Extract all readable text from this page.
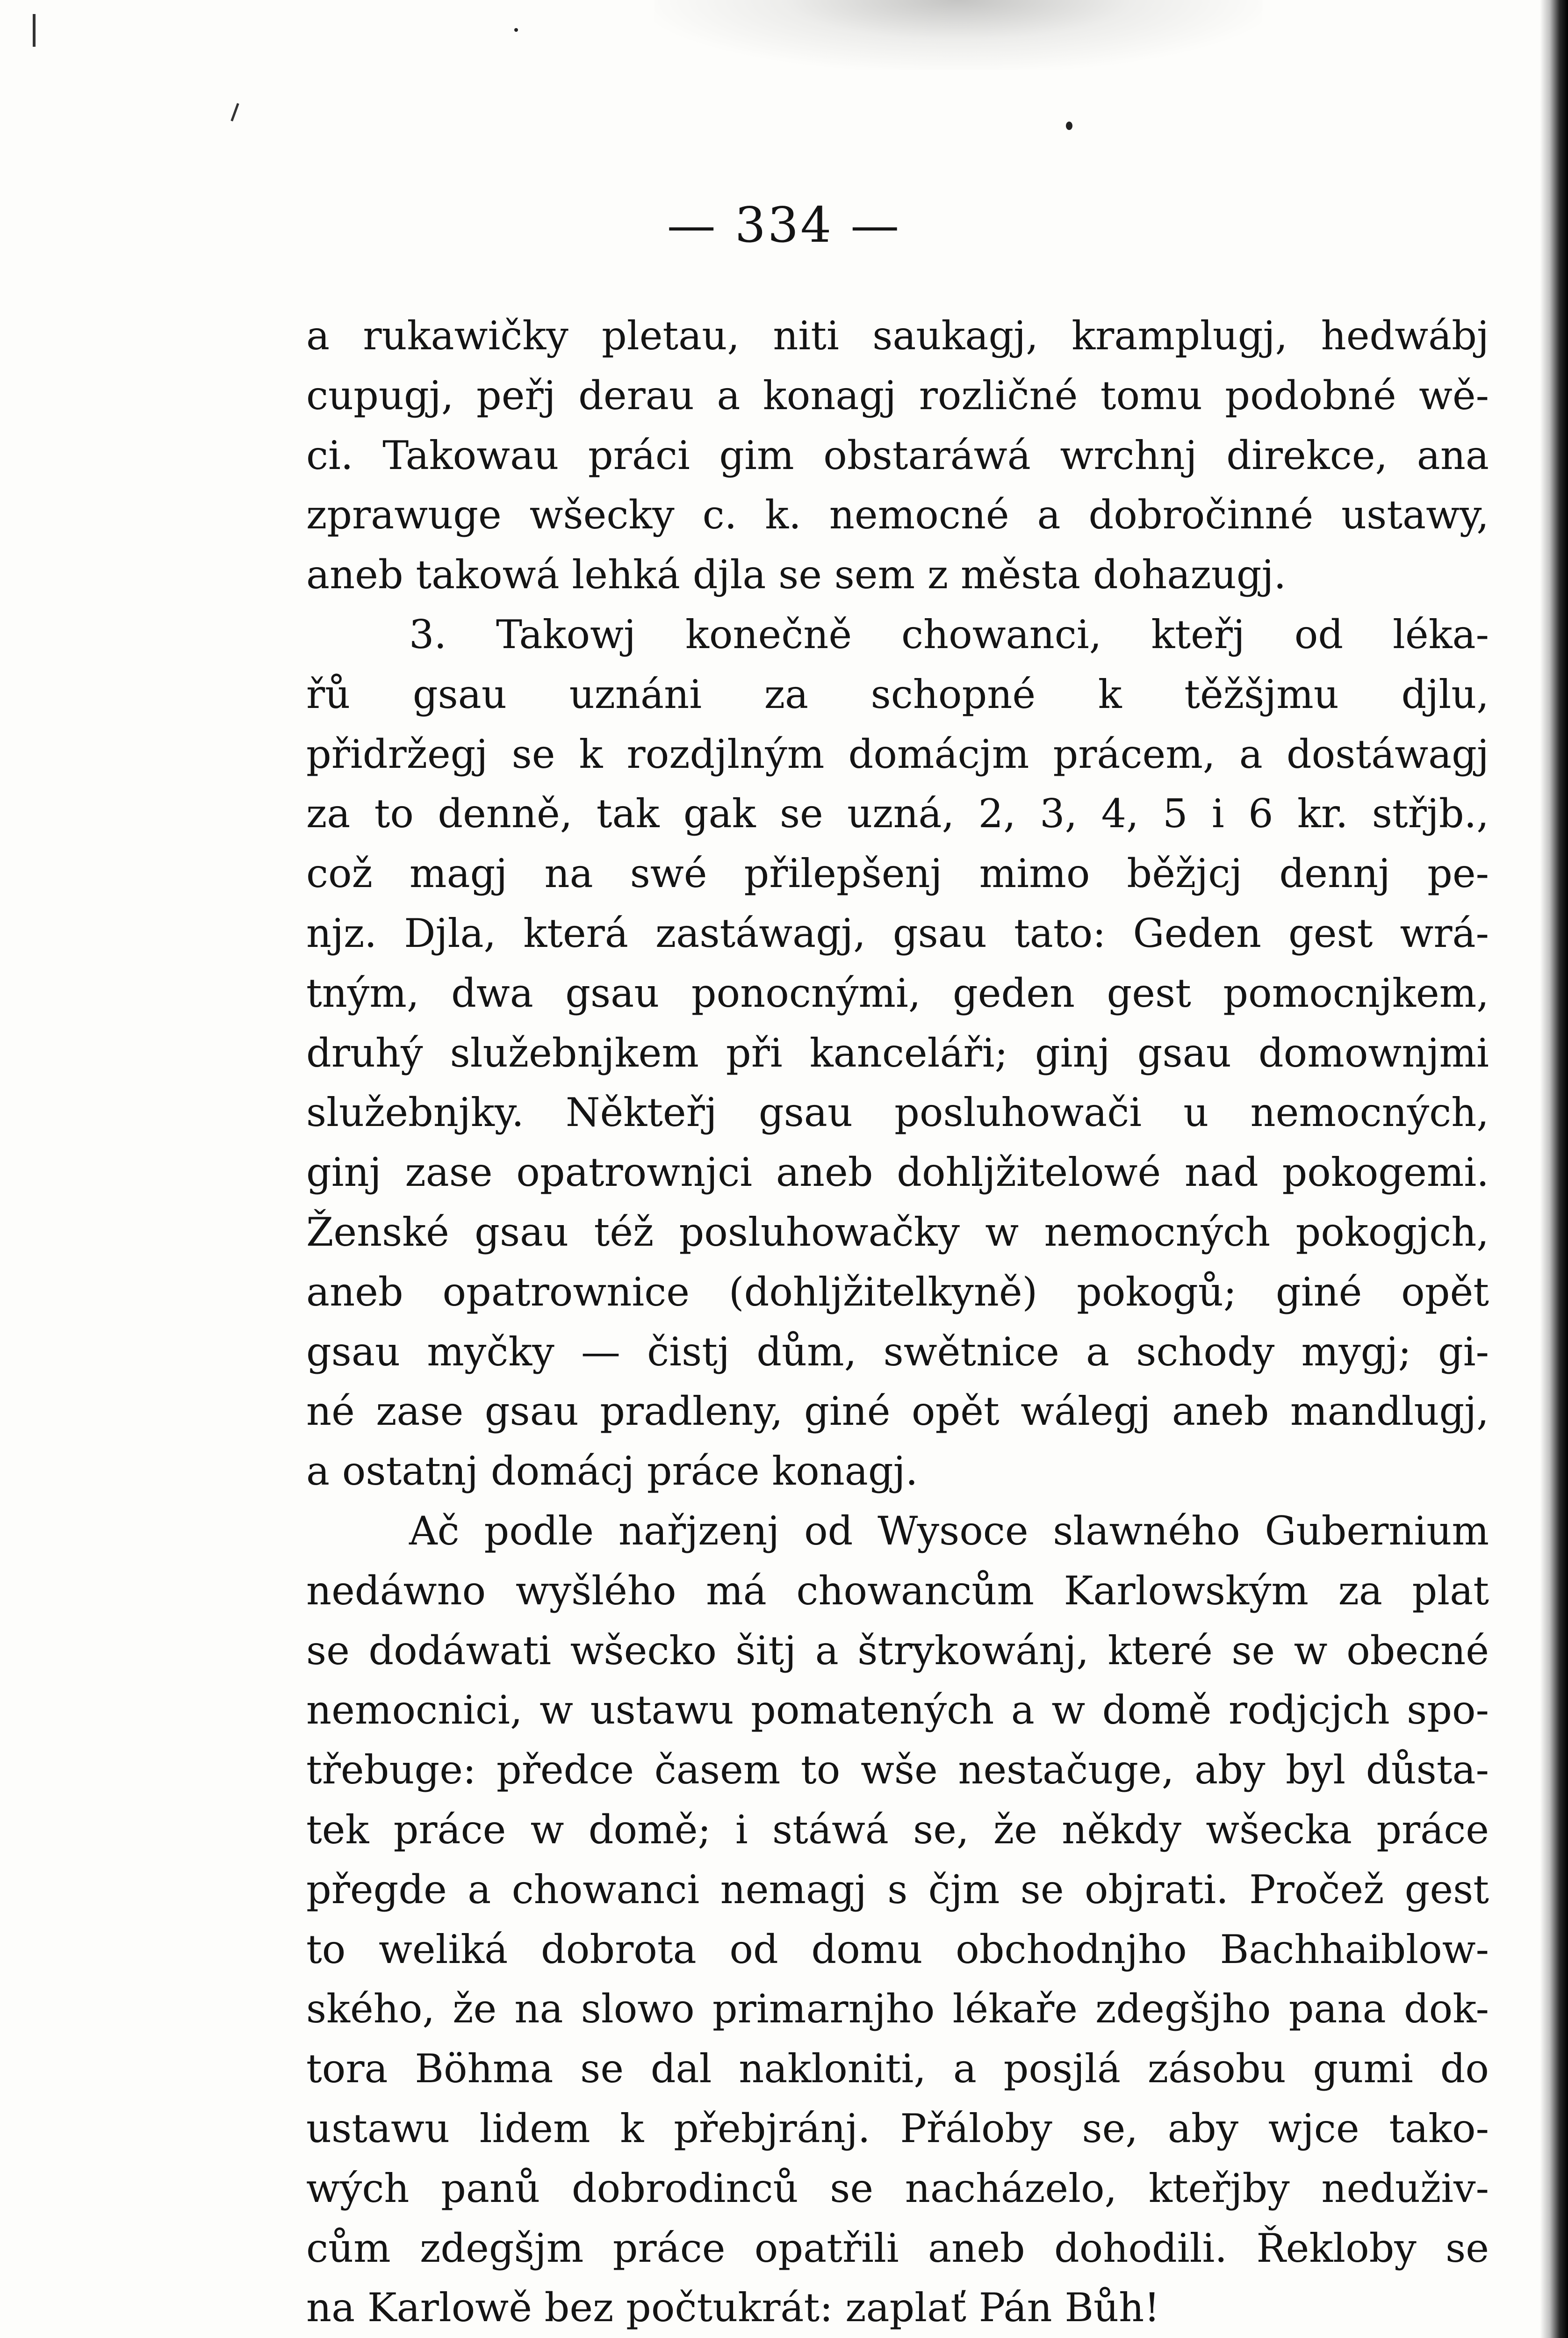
— 334 —
a rukawičky pletau, niti saukagj, kramplugj, hedwábj
cupugj, peřj derau a konagj rozličné tomu podobné wě-
ci. Takowau práci gim obstaráwá wrchnj direkce, ana
zprawuge wšecky c. k. nemocné a dobročinné ustawy,
aneb takowá lehká djla se sem z města dohazugj.
3. Takowj konečně chowanci, kteřj od léka-
řů gsau uznáni za schopné k těžšjmu djlu,
přidržegj se k rozdjlným domácjm prácem, a dostáwagj
za to denně, tak gak se uzná, 2, 3, 4, 5 i 6 kr. střjb.,
což magj na swé přilepšenj mimo běžjcj dennj pe-
njz. Djla, která zastáwagj, gsau tato: Geden gest wrá-
tným, dwa gsau ponocnými, geden gest pomocnjkem,
druhý služebnjkem při kanceláři; ginj gsau domownjmi
služebnjky. Někteřj gsau posluhowači u nemocných,
ginj zase opatrownjci aneb dohljžitelowé nad pokogemi.
Ženské gsau též posluhowačky w nemocných pokogjch,
aneb opatrownice (dohljžitelkyně) pokogů; giné opět
gsau myčky — čistj dům, swětnice a schody mygj; gi-
né zase gsau pradleny, giné opět wálegj aneb mandlugj,
a ostatnj domácj práce konagj.
Ač podle nařjzenj od Wysoce slawného Gubernium
nedáwno wyšlého má chowancům Karlowským za plat
se dodáwati wšecko šitj a štrykowánj, které se w obecné
nemocnici, w ustawu pomatených a w domě rodjcjch spo-
třebuge: předce časem to wše nestačuge, aby byl důsta-
tek práce w domě; i stáwá se, že někdy wšecka práce
přegde a chowanci nemagj s čjm se objrati. Pročež gest
to weliká dobrota od domu obchodnjho Bachhaiblow-
ského, že na slowo primarnjho lékaře zdegšjho pana dok-
tora Böhma se dal nakloniti, a posjlá zásobu gumi do
ustawu lidem k přebjránj. Přáloby se, aby wjce tako-
wých panů dobrodinců se nacházelo, kteřjby neduživ-
cům zdegšjm práce opatřili aneb dohodili. Řekloby se
na Karlowě bez počtukrát: zaplať Pán Bůh!
